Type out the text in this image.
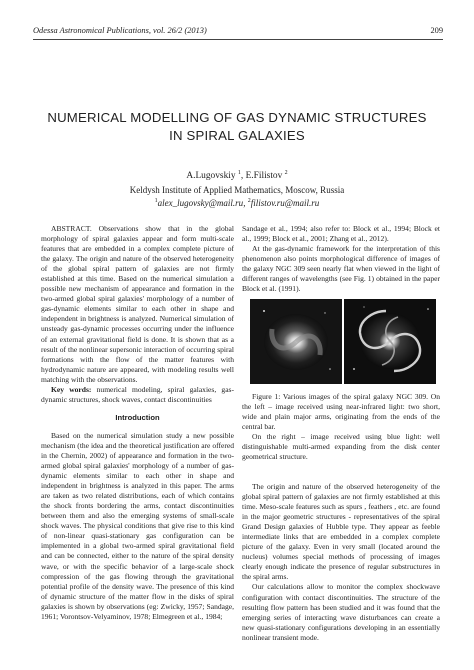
Odessa Astronomical Publications, vol. 26/2 (2013)	209
NUMERICAL MODELLING OF GAS DYNAMIC STRUCTURES
IN SPIRAL GALAXIES
A.Lugovskiy $^1$, E.Filistov $^2$
Keldysh Institute of Applied Mathematics, Moscow, Russia
$^1$alex_lugovsky@mail.ru, $^2$filistov.ru@mail.ru

ABSTRACT. Observations show that in the global morphology of spiral galaxies appear and form multi-scale features that are embedded in a complex complete picture of the galaxy. The origin and nature of the observed heterogeneity of the global spiral pattern of galaxies are not firmly established at this time. Based on the numerical simulation a possible new mechanism of appearance and formation in the two-armed global spiral galaxies' morphology of a number of gas-dynamic elements similar to each other in shape and independent in brightness is analyzed. Numerical simulation of unsteady gas-dynamic processes occurring under the influence of an external gravitational field is done. It is shown that as a result of the nonlinear supersonic interaction of occurring spiral formations with the flow of the matter features with hydrodynamic nature are appeared, with modeling results well matching with the observations.

Key words: numerical modeling, spiral galaxies, gas-dynamic structures, shock waves, contact discontinuities

Introduction

Based on the numerical simulation study a new possible mechanism (the idea and the theoretical justification are offered in the Chernin, 2002) of appearance and formation in the two-armed global spiral galaxies' morphology of a number of gas-dynamic elements similar to each other in shape and independent in brightness is analyzed in this paper. The arms are taken as two related distributions, each of which contains the shock fronts bordering the arms, contact discontinuities between them and also the emerging systems of small-scale shock waves. The physical conditions that give rise to this kind of non-linear quasi-stationary gas configuration can be implemented in a global two-armed spiral gravitational field and can be connected, either to the nature of the spiral density wave, or with the specific behavior of a large-scale shock compression of the gas flowing through the gravitational potential profile of the density wave. The presence of this kind of dynamic structure of the matter flow in the disks of spiral galaxies is shown by observations (eg: Zwicky, 1957; Sandage, 1961; Vorontsov-Velyaminov, 1978; Elmegreen et al., 1984;

Sandage et al., 1994; also refer to: Block et al., 1994; Block et al., 1999; Block et al., 2001; Zhang et al., 2012).

At the gas-dynamic framework for the interpretation of this phenomenon also points morphological difference of images of the galaxy NGC 309 seen nearly flat when viewed in the light of different ranges of wavelengths (see Fig. 1) obtained in the paper Block et al. (1991).

Figure 1: Various images of the spiral galaxy NGC 309. On the left – image received using near-infrared light: two short, wide and plain major arms, originating from the ends of the central bar.

On the right – image received using blue light: well distinguishable multi-armed expanding from the disk center geometrical structure.

The origin and nature of the observed heterogeneity of the global spiral pattern of galaxies are not firmly established at this time. Meso-scale features such as spurs , feathers , etc. are found in the major geometric structures - representatives of the spiral Grand Design galaxies of Hubble type. They appear as feeble intermediate links that are embedded in a complex complete picture of the galaxy. Even in very small (located around the nucleus) volumes special methods of processing of images clearly enough indicate the presence of regular substructures in the spiral arms.

Our calculations allow to monitor the complex shockwave configuration with contact discontinuities. The structure of the resulting flow pattern has been studied and it was found that the emerging series of interacting wave disturbances can create a new quasi-stationary configurations developing in an essentially nonlinear transient mode.
